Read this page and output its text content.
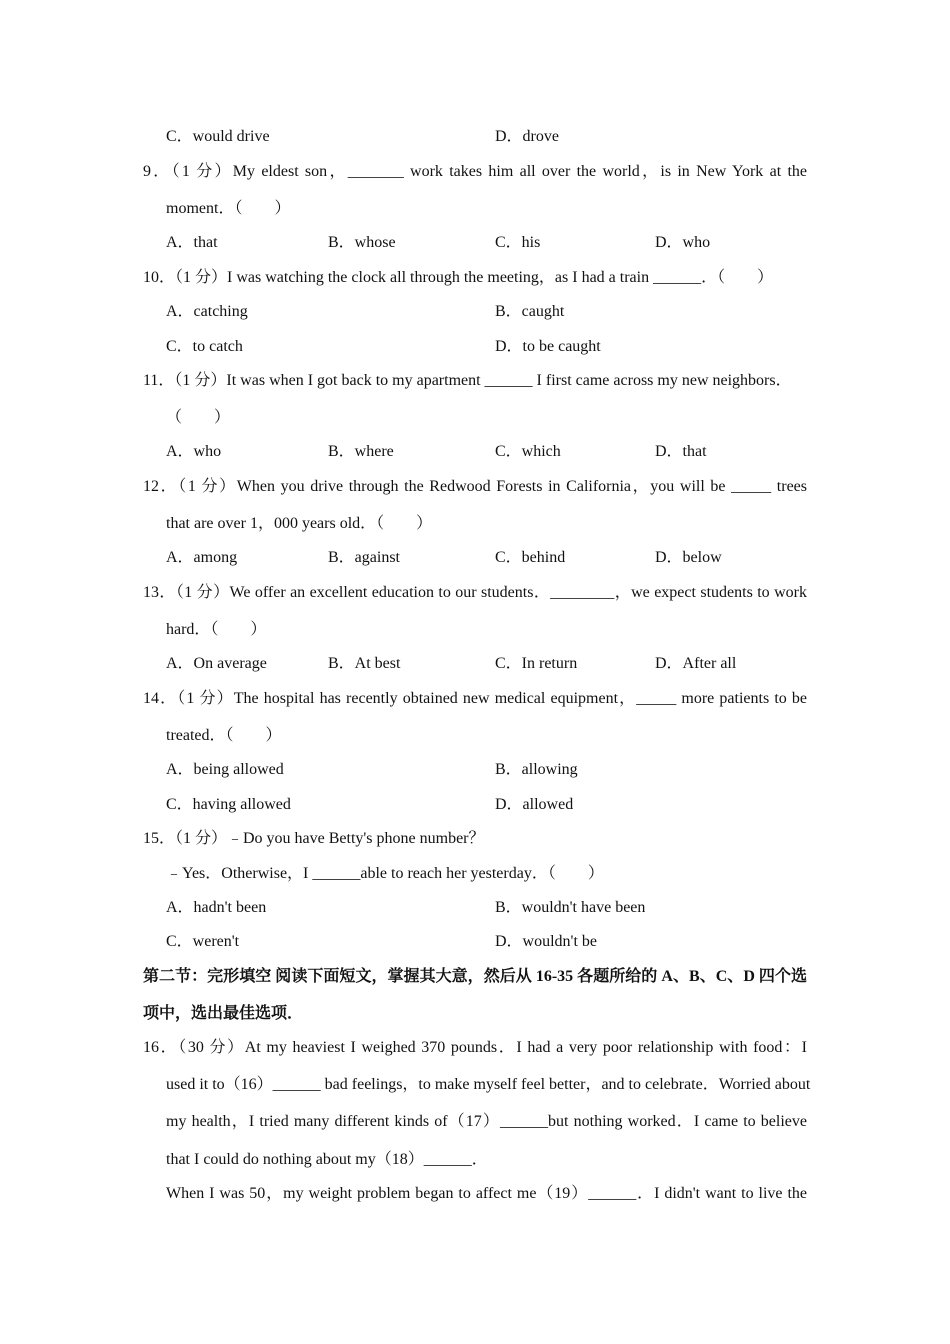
C．would drive	D．drove
9．（1 分）My eldest son，_______ work takes him all over the world，is in New York at the
moment．（　　）
A．that	B．whose	C．his	D．who
10．（1 分）I was watching the clock all through the meeting，as I had a train ______．（　　）
A．catching	B．caught
C．to catch	D．to be caught
11．（1 分）It was when I got back to my apartment ______ I first came across my new neighbors．
（　　）
A．who	B．where	C．which	D．that
12．（1 分）When you drive through the Redwood Forests in California，you will be _____ trees
that are over 1，000 years old．（　　）
A．among	B．against	C．behind	D．below
13．（1 分）We offer an excellent education to our students．________，we expect students to work
hard．（　　）
A．On average	B．At best	C．In return	D．After all
14．（1 分）The hospital has recently obtained new medical equipment，_____ more patients to be
treated．（　　）
A．being allowed	B．allowing
C．having allowed	D．allowed
15．（1 分）﹣Do you have Betty's phone number？
﹣Yes．Otherwise，I ______able to reach her yesterday．（　　）
A．hadn't been	B．wouldn't have been
C．weren't	D．wouldn't be
第二节：完形填空 阅读下面短文，掌握其大意，然后从 16-35 各题所给的 A、B、C、D 四个选
项中，选出最佳选项．
16．（30 分）At my heaviest I weighed 370 pounds．I had a very poor relationship with food：I
used it to（16）______ bad feelings，to make myself feel better，and to celebrate．Worried about
my health，I tried many different kinds of（17）______but nothing worked．I came to believe
that I could do nothing about my（18）______．
When I was 50，my weight problem began to affect me（19）______．I didn't want to live the
